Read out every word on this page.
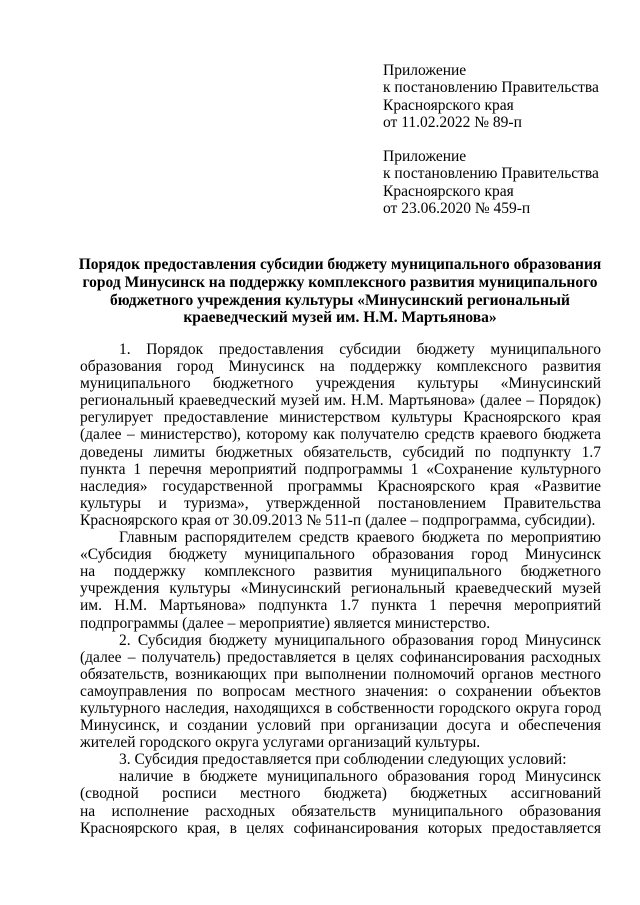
Приложение
к постановлению Правительства
Красноярского края
от 11.02.2022 № 89-п
Приложение
к постановлению Правительства
Красноярского края
от 23.06.2020 № 459-п
Порядок предоставления субсидии бюджету муниципального образования
город Минусинск на поддержку комплексного развития муниципального
бюджетного учреждения культуры «Минусинский региональный
краеведческий музей им. Н.М. Мартьянова»
1. Порядок предоставления субсидии бюджету муниципального
образования город Минусинск на поддержку комплексного развития
муниципального бюджетного учреждения культуры «Минусинский
региональный краеведческий музей им. Н.М. Мартьянова» (далее – Порядок)
регулирует предоставление министерством культуры Красноярского края
(далее – министерство), которому как получателю средств краевого бюджета
доведены лимиты бюджетных обязательств, субсидий по подпункту 1.7
пункта 1 перечня мероприятий подпрограммы 1 «Сохранение культурного
наследия» государственной программы Красноярского края «Развитие
культуры и туризма», утвержденной постановлением Правительства
Красноярского края от 30.09.2013 № 511-п (далее – подпрограмма, субсидии).
Главным распорядителем средств краевого бюджета по мероприятию
«Субсидия бюджету муниципального образования город Минусинск
на поддержку комплексного развития муниципального бюджетного
учреждения культуры «Минусинский региональный краеведческий музей
им. Н.М. Мартьянова» подпункта 1.7 пункта 1 перечня мероприятий
подпрограммы (далее – мероприятие) является министерство.
2. Субсидия бюджету муниципального образования город Минусинск
(далее – получатель) предоставляется в целях софинансирования расходных
обязательств, возникающих при выполнении полномочий органов местного
самоуправления по вопросам местного значения: о сохранении объектов
культурного наследия, находящихся в собственности городского округа город
Минусинск, и создании условий при организации досуга и обеспечения
жителей городского округа услугами организаций культуры.
3. Субсидия предоставляется при соблюдении следующих условий:
наличие в бюджете муниципального образования город Минусинск
(сводной росписи местного бюджета) бюджетных ассигнований
на исполнение расходных обязательств муниципального образования
Красноярского края, в целях софинансирования которых предоставляется
